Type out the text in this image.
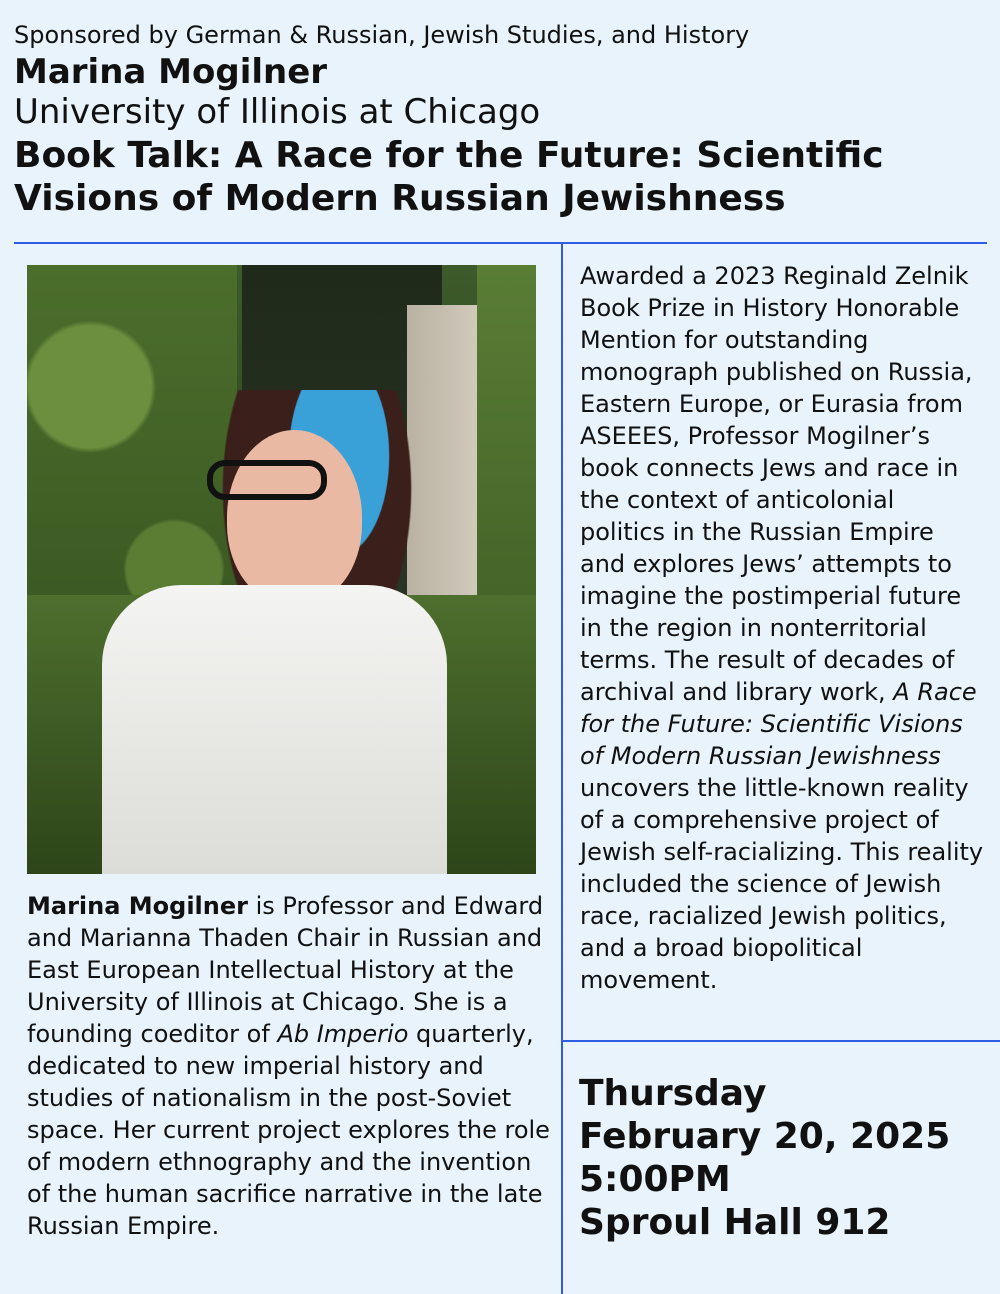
Sponsored by German & Russian, Jewish Studies, and History

Marina Mogilner

University of Illinois at Chicago

Book Talk: A Race for the Future: Scientific
Visions of Modern Russian Jewishness

Marina Mogilner is Professor and Edward and Marianna Thaden Chair in Russian and East European Intellectual History at the University of Illinois at Chicago. She is a founding coeditor of Ab Imperio quarterly, dedicated to new imperial history and studies of nationalism in the post-Soviet space. Her current project explores the role of modern ethnography and the invention of the human sacrifice narrative in the late Russian Empire.

Awarded a 2023 Reginald Zelnik Book Prize in History Honorable Mention for outstanding monograph published on Russia, Eastern Europe, or Eurasia from ASEEES, Professor Mogilner’s book connects Jews and race in the context of anticolonial politics in the Russian Empire and explores Jews’ attempts to imagine the postimperial future in the region in nonterritorial terms. The result of decades of archival and library work, A Race for the Future: Scientific Visions of Modern Russian Jewishness uncovers the little-known reality of a comprehensive project of Jewish self-racializing. This reality included the science of Jewish race, racialized Jewish politics, and a broad biopolitical movement.

Thursday
February 20, 2025
5:00PM
Sproul Hall 912
